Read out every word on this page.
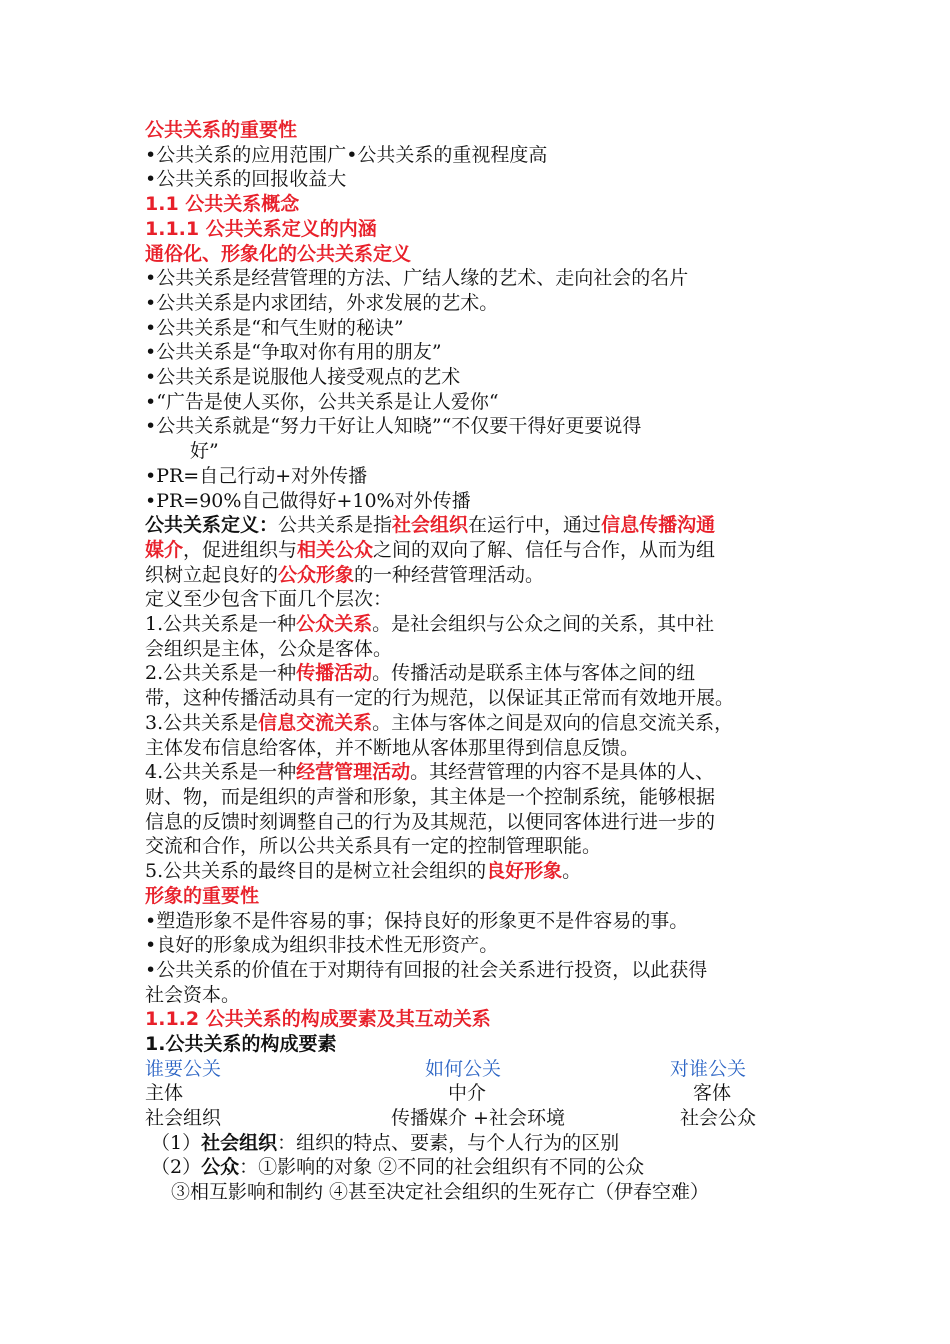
公共关系的重要性
•公共关系的应用范围广•公共关系的重视程度高
•公共关系的回报收益大
1.1 公共关系概念
1.1.1 公共关系定义的内涵
通俗化、形象化的公共关系定义
•公共关系是经营管理的方法、广结人缘的艺术、走向社会的名片
•公共关系是内求团结，外求发展的艺术。
•公共关系是“和气生财的秘诀”
•公共关系是“争取对你有用的朋友”
•公共关系是说服他人接受观点的艺术
•“广告是使人买你，公共关系是让人爱你“
•公共关系就是“努力干好让人知晓”“不仅要干得好更要说得
好”
•PR=自己行动+对外传播
•PR=90%自己做得好+10%对外传播
公共关系定义：公共关系是指社会组织在运行中，通过信息传播沟通
媒介，促进组织与相关公众之间的双向了解、信任与合作，从而为组
织树立起良好的公众形象的一种经营管理活动。
定义至少包含下面几个层次：
1.公共关系是一种公众关系。是社会组织与公众之间的关系，其中社
会组织是主体，公众是客体。
2.公共关系是一种传播活动。传播活动是联系主体与客体之间的纽
带，这种传播活动具有一定的行为规范，以保证其正常而有效地开展。
3.公共关系是信息交流关系。主体与客体之间是双向的信息交流关系，
主体发布信息给客体，并不断地从客体那里得到信息反馈。
4.公共关系是一种经营管理活动。其经营管理的内容不是具体的人、
财、物，而是组织的声誉和形象，其主体是一个控制系统，能够根据
信息的反馈时刻调整自己的行为及其规范，以便同客体进行进一步的
交流和合作，所以公共关系具有一定的控制管理职能。
5.公共关系的最终目的是树立社会组织的良好形象。
形象的重要性
•塑造形象不是件容易的事；保持良好的形象更不是件容易的事。
•良好的形象成为组织非技术性无形资产。
•公共关系的价值在于对期待有回报的社会关系进行投资，以此获得
社会资本。
1.1.2 公共关系的构成要素及其互动关系
1.公共关系的构成要素
谁要公关	如何公关	对谁公关
主体	中介	客体
社会组织	传播媒介 +社会环境	社会公众
（1）社会组织：组织的特点、要素，与个人行为的区别
（2）公众：①影响的对象 ②不同的社会组织有不同的公众
③相互影响和制约 ④甚至决定社会组织的生死存亡（伊春空难）
